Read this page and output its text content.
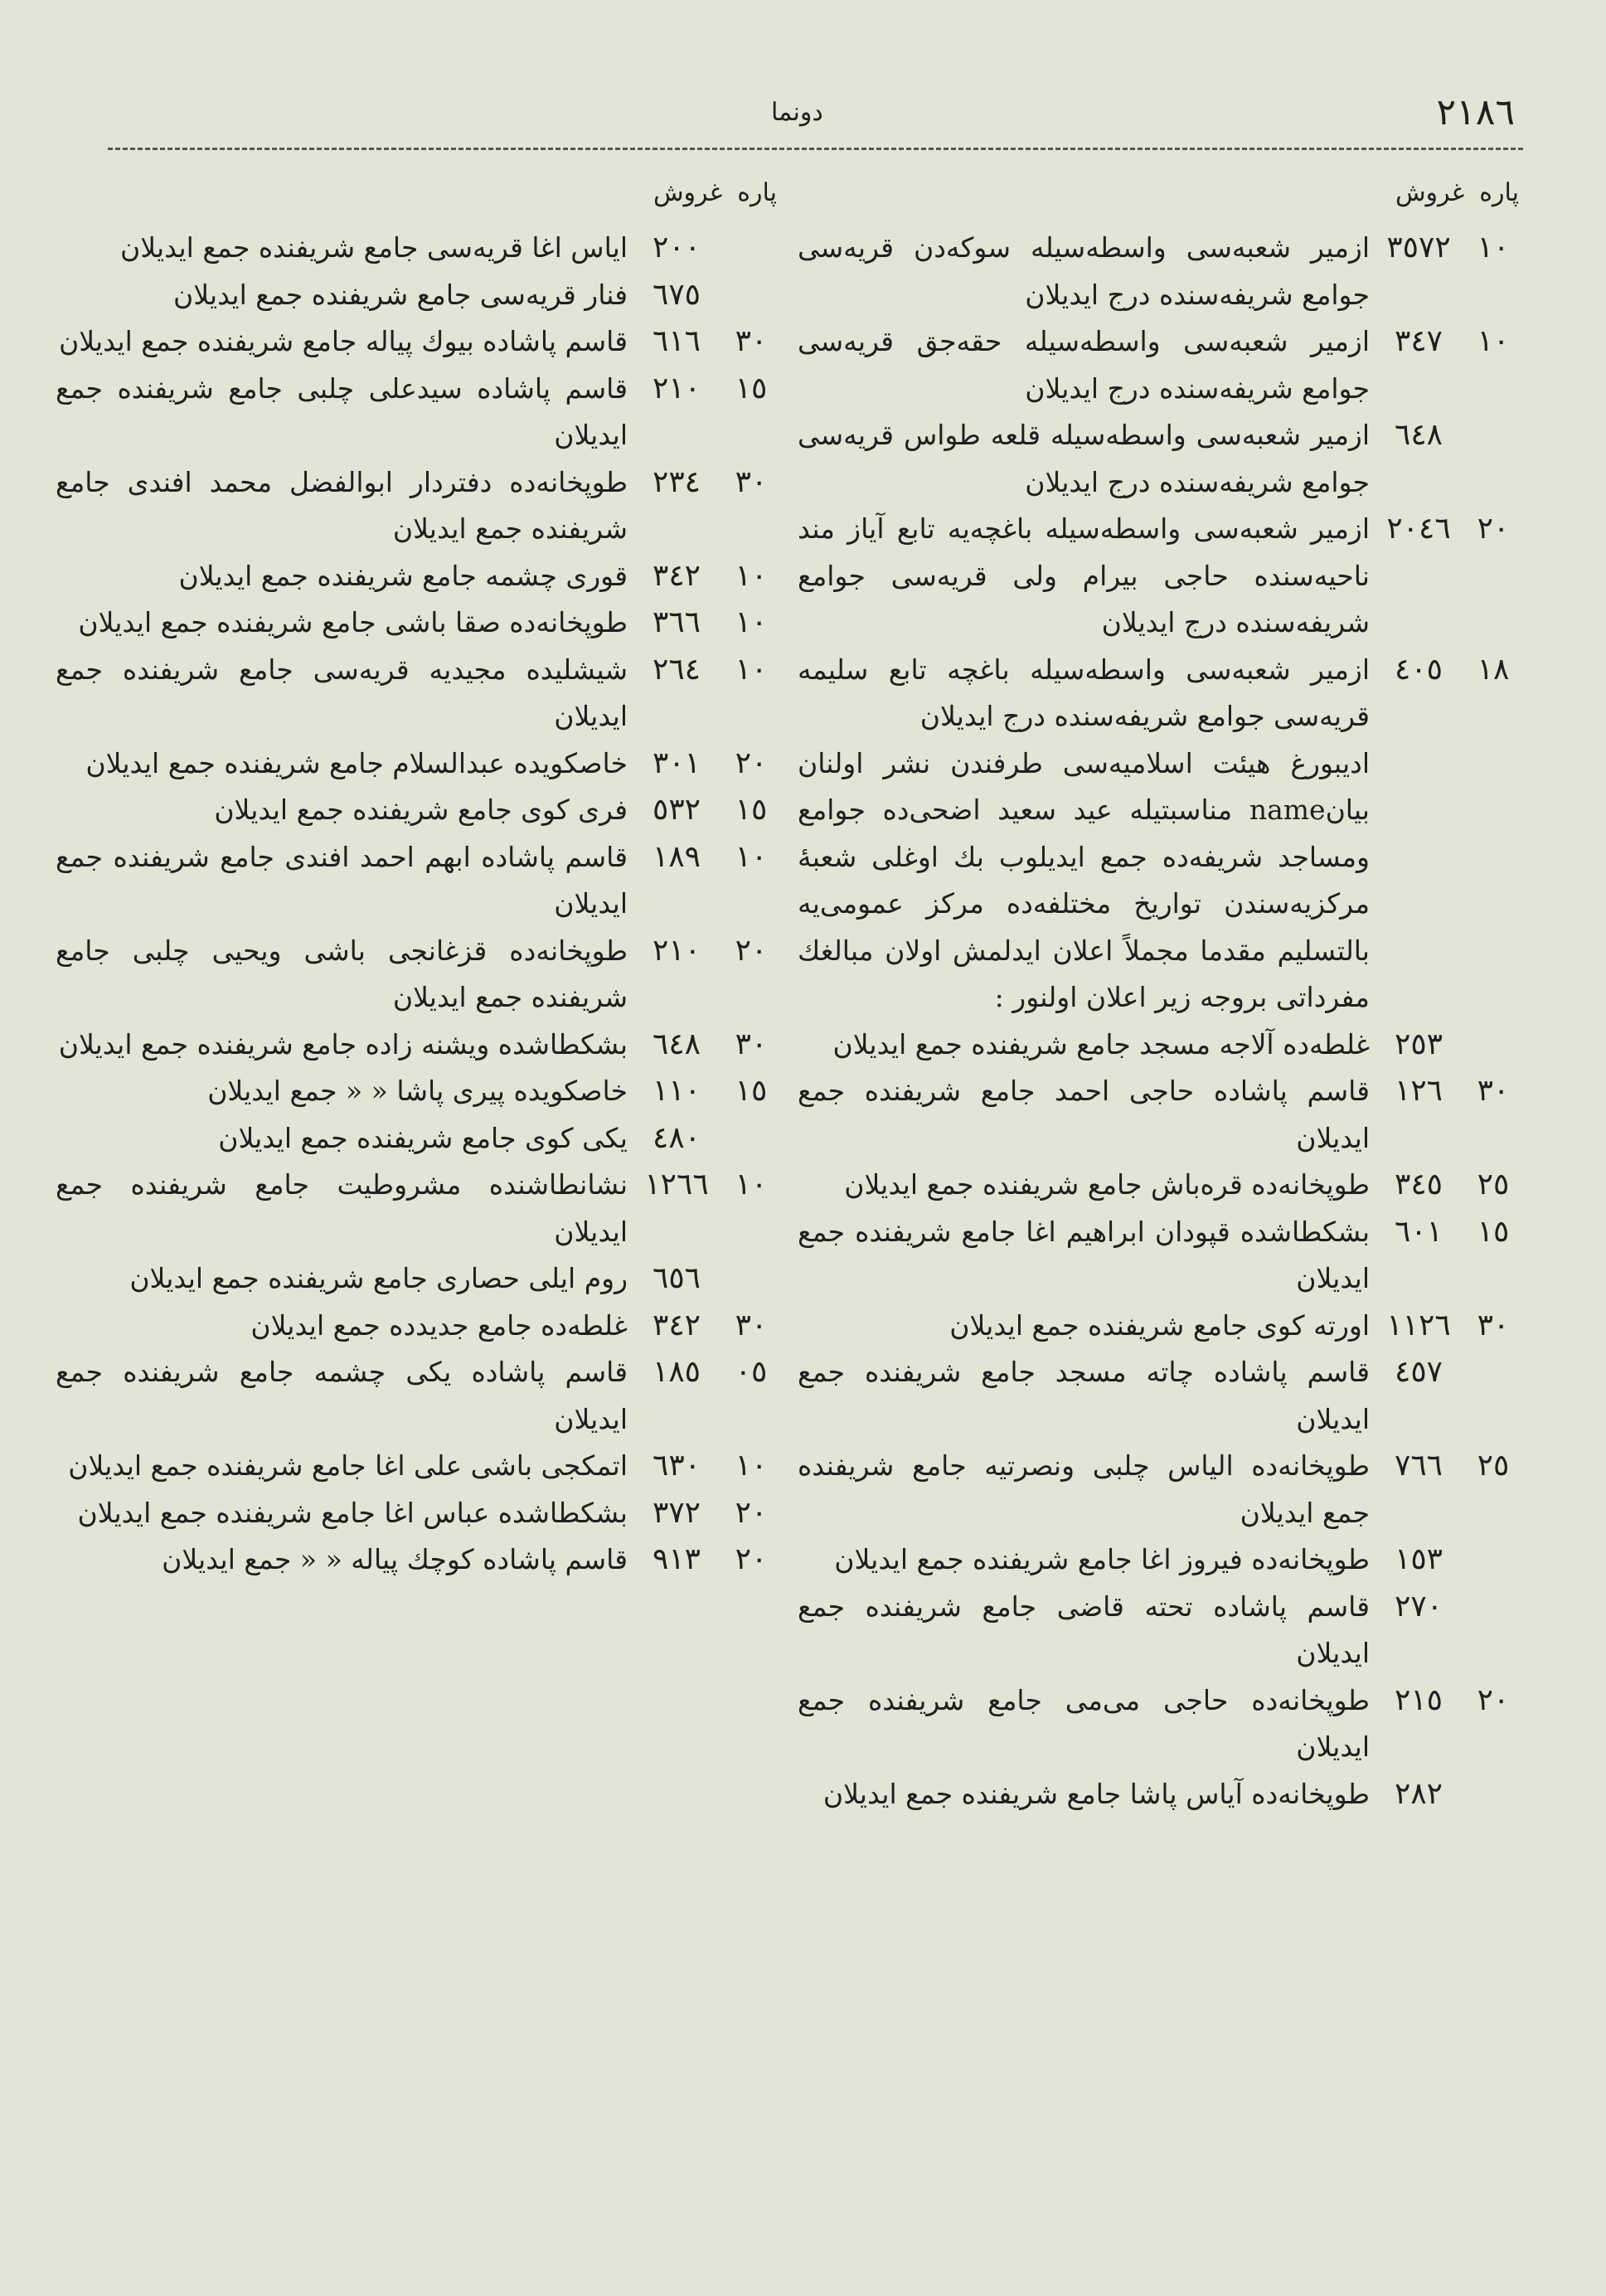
٢١٨٦
دونما
پاره
غروش
١٠
٣٥٧٢
ازمیر شعبه‌سی واسطه‌سیله سوکه‌دن قریه‌سی جوامع شریفه‌سنده درج ایدیلان
١٠
٣٤٧
ازمیر شعبه‌سی واسطه‌سیله حقه‌جق قریه‌سی جوامع شریفه‌سنده درج ایدیلان
٦٤٨
ازمیر شعبه‌سی واسطه‌سیله قلعه طواس قریه‌سی جوامع شریفه‌سنده درج ایدیلان
٢٠
٢٠٤٦
ازمیر شعبه‌سی واسطه‌سیله باغچه‌یه تابع آیاز مند ناحیه‌سنده حاجی بیرام ولی قریه‌سی جوامع شریفه‌سنده درج ایدیلان
١٨
٤٠٥
ازمیر شعبه‌سی واسطه‌سیله باغچه تابع سلیمه قریه‌سی جوامع شریفه‌سنده درج ایدیلان
ادیبورغ هیئت اسلامیه‌سی طرفندن نشر اولنان بیانname مناسبتیله عید سعید اضحی‌ده جوامع ومساجد شریفه‌ده جمع ایدیلوب بك اوغلی شعبهٔ مرکزیه‌سندن تواریخ مختلفه‌ده مرکز عمومی‌یه بالتسلیم مقدما مجملاً اعلان ایدلمش اولان مبالغك مفرداتی بروجه زیر اعلان اولنور :
٢٥٣
غلطه‌ده آلاجه مسجد جامع شریفنده جمع ایدیلان
٣٠
١٢٦
قاسم پاشاده حاجی احمد جامع شریفنده جمع ایدیلان
٢٥
٣٤٥
طوپخانه‌ده قره‌باش جامع شریفنده جمع ایدیلان
١٥
٦٠١
بشکطاشده قپودان ابراهیم اغا جامع شریفنده جمع ایدیلان
٣٠
١١٢٦
اورته کوی جامع شریفنده جمع ایدیلان
٤٥٧
قاسم پاشاده چاته مسجد جامع شریفنده جمع ایدیلان
٢٥
٧٦٦
طوپخانه‌ده الیاس چلبی ونصرتیه جامع شریفنده جمع ایدیلان
١٥٣
طوپخانه‌ده فیروز اغا جامع شریفنده جمع ایدیلان
٢٧٠
قاسم پاشاده تحته قاضی جامع شریفنده جمع ایدیلان
٢٠
٢١٥
طوپخانه‌ده حاجی می‌می جامع شریفنده جمع ایدیلان
٢٨٢
طوپخانه‌ده آیاس پاشا جامع شریفنده جمع ایدیلان
پاره
غروش
٢٠٠
ایاس اغا قریه‌سی جامع شریفنده جمع ایدیلان
٦٧٥
فنار قریه‌سی جامع شریفنده جمع ایدیلان
٣٠
٦١٦
قاسم پاشاده بیوك پیاله جامع شریفنده جمع ایدیلان
١٥
٢١٠
قاسم پاشاده سیدعلی چلبی جامع شریفنده جمع ایدیلان
٣٠
٢٣٤
طوپخانه‌ده دفتردار ابوالفضل محمد افندی جامع شریفنده جمع ایدیلان
١٠
٣٤٢
قوری چشمه جامع شریفنده جمع ایدیلان
١٠
٣٦٦
طوپخانه‌ده صقا باشی جامع شریفنده جمع ایدیلان
١٠
٢٦٤
شیشلیده مجیدیه قریه‌سی جامع شریفنده جمع ایدیلان
٢٠
٣٠١
خاصکویده عبدالسلام جامع شریفنده جمع ایدیلان
١٥
٥٣٢
فری کوی جامع شریفنده جمع ایدیلان
١٠
١٨٩
قاسم پاشاده ابهم احمد افندی جامع شریفنده جمع ایدیلان
٢٠
٢١٠
طوپخانه‌ده قزغانجی باشی ویحیی چلبی جامع شریفنده جمع ایدیلان
٣٠
٦٤٨
بشکطاشده ویشنه زاده جامع شریفنده جمع ایدیلان
١٥
١١٠
خاصکویده پیری پاشا « « جمع ایدیلان
٤٨٠
یکی کوی جامع شریفنده جمع ایدیلان
١٠
١٢٦٦
نشانطاشنده مشروطیت جامع شریفنده جمع ایدیلان
٦٥٦
روم ایلی حصاری جامع شریفنده جمع ایدیلان
٣٠
٣٤٢
غلطه‌ده جامع جدیدده جمع ایدیلان
٠٥
١٨٥
قاسم پاشاده یکی چشمه جامع شریفنده جمع ایدیلان
١٠
٦٣٠
اتمکجی باشی علی اغا جامع شریفنده جمع ایدیلان
٢٠
٣٧٢
بشکطاشده عباس اغا جامع شریفنده جمع ایدیلان
٢٠
٩١٣
قاسم پاشاده کوچك پیاله « « جمع ایدیلان
